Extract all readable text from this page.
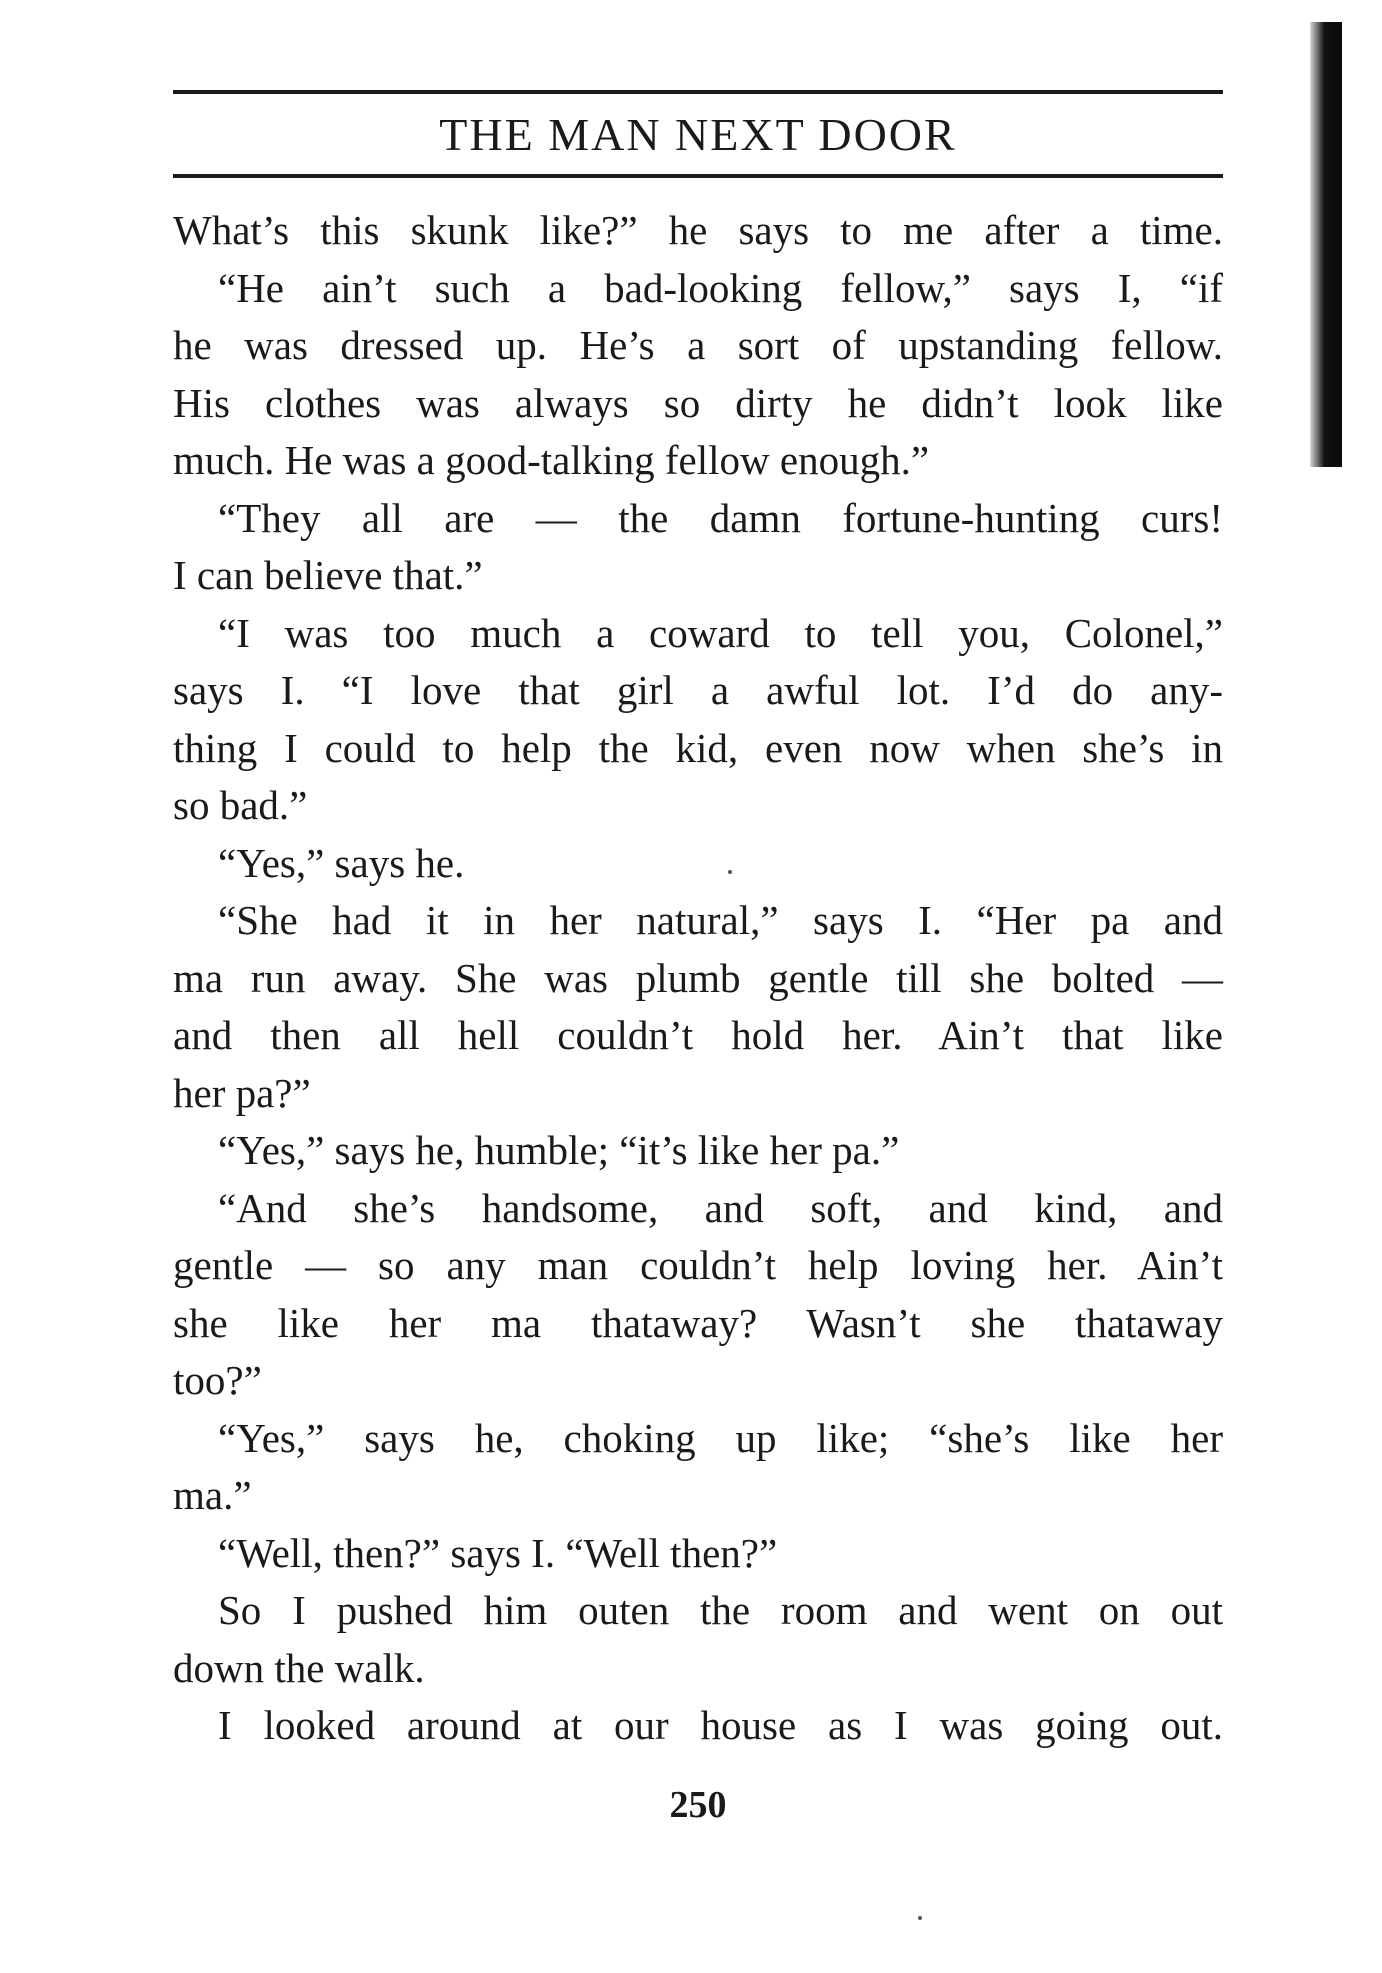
THE MAN NEXT DOOR
What’s this skunk like?” he says to me after a time.
“He ain’t such a bad-looking fellow,” says I, “if
he was dressed up. He’s a sort of upstanding fellow.
His clothes was always so dirty he didn’t look like
much. He was a good-talking fellow enough.”
“They all are — the damn fortune-hunting curs!
I can believe that.”
“I was too much a coward to tell you, Colonel,”
says I. “I love that girl a awful lot. I’d do any-
thing I could to help the kid, even now when she’s in
so bad.”
“Yes,” says he.
“She had it in her natural,” says I. “Her pa and
ma run away. She was plumb gentle till she bolted —
and then all hell couldn’t hold her. Ain’t that like
her pa?”
“Yes,” says he, humble; “it’s like her pa.”
“And she’s handsome, and soft, and kind, and
gentle — so any man couldn’t help loving her. Ain’t
she like her ma thataway? Wasn’t she thataway
too?”
“Yes,” says he, choking up like; “she’s like her
ma.”
“Well, then?” says I. “Well then?”
So I pushed him outen the room and went on out
down the walk.
I looked around at our house as I was going out.
250
